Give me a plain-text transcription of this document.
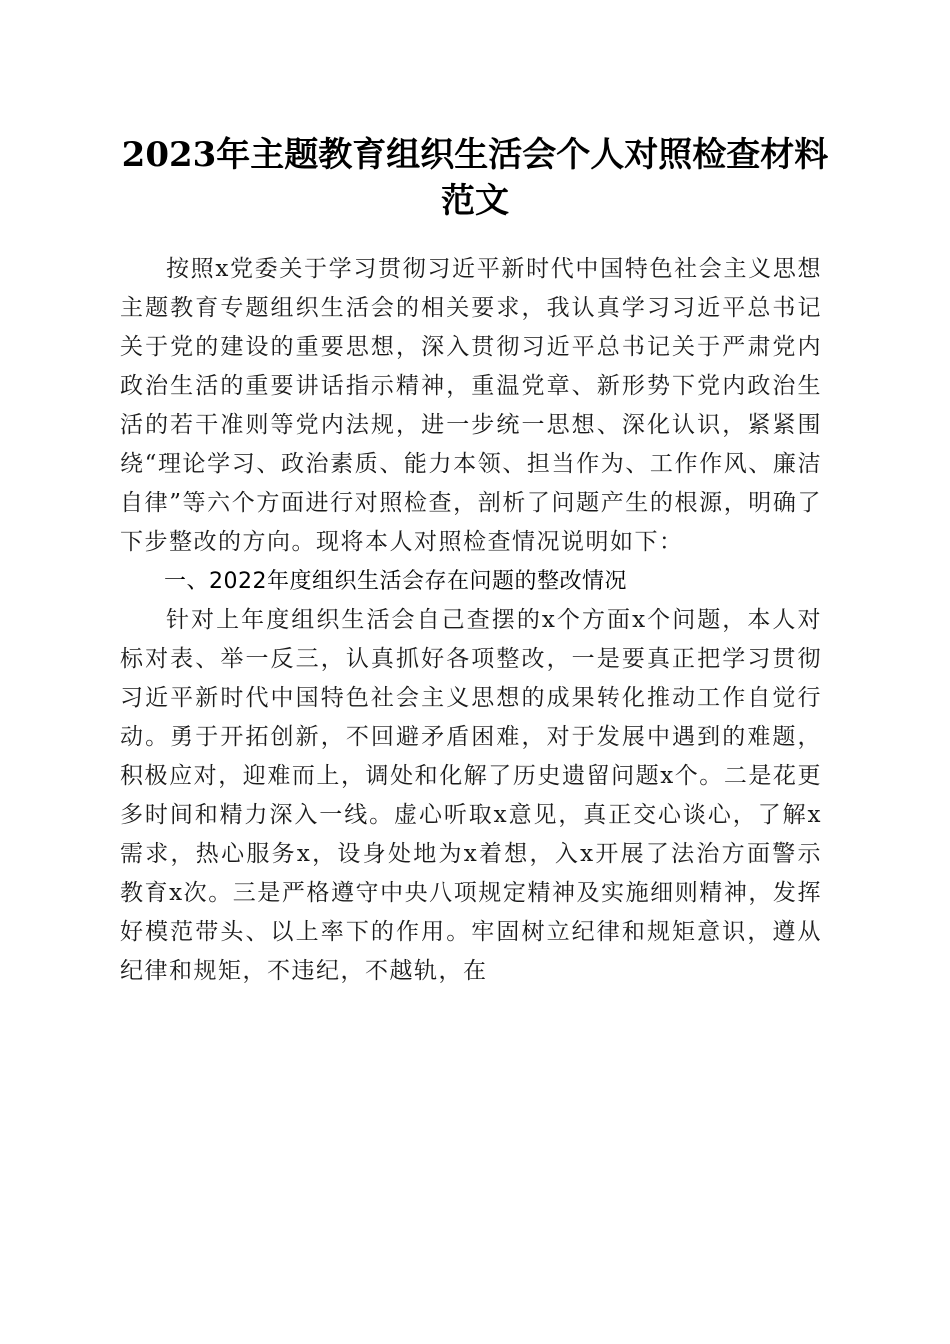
2023年主题教育组织生活会个人对照检查材料范文

按照x党委关于学习贯彻习近平新时代中国特色社会主义思想主题教育专题组织生活会的相关要求，我认真学习习近平总书记关于党的建设的重要思想，深入贯彻习近平总书记关于严肃党内政治生活的重要讲话指示精神，重温党章、新形势下党内政治生活的若干准则等党内法规，进一步统一思想、深化认识，紧紧围绕“理论学习、政治素质、能力本领、担当作为、工作作风、廉洁自律”等六个方面进行对照检查，剖析了问题产生的根源，明确了下步整改的方向。现将本人对照检查情况说明如下：

一、2022年度组织生活会存在问题的整改情况

针对上年度组织生活会自己查摆的x个方面x个问题，本人对标对表、举一反三，认真抓好各项整改，一是要真正把学习贯彻习近平新时代中国特色社会主义思想的成果转化推动工作自觉行动。勇于开拓创新，不回避矛盾困难，对于发展中遇到的难题，积极应对，迎难而上，调处和化解了历史遗留问题x个。二是花更多时间和精力深入一线。虚心听取x意见，真正交心谈心，了解x需求，热心服务x，设身处地为x着想，入x开展了法治方面警示教育x次。三是严格遵守中央八项规定精神及实施细则精神，发挥好模范带头、以上率下的作用。牢固树立纪律和规矩意识，遵从纪律和规矩，不违纪，不越轨，在
